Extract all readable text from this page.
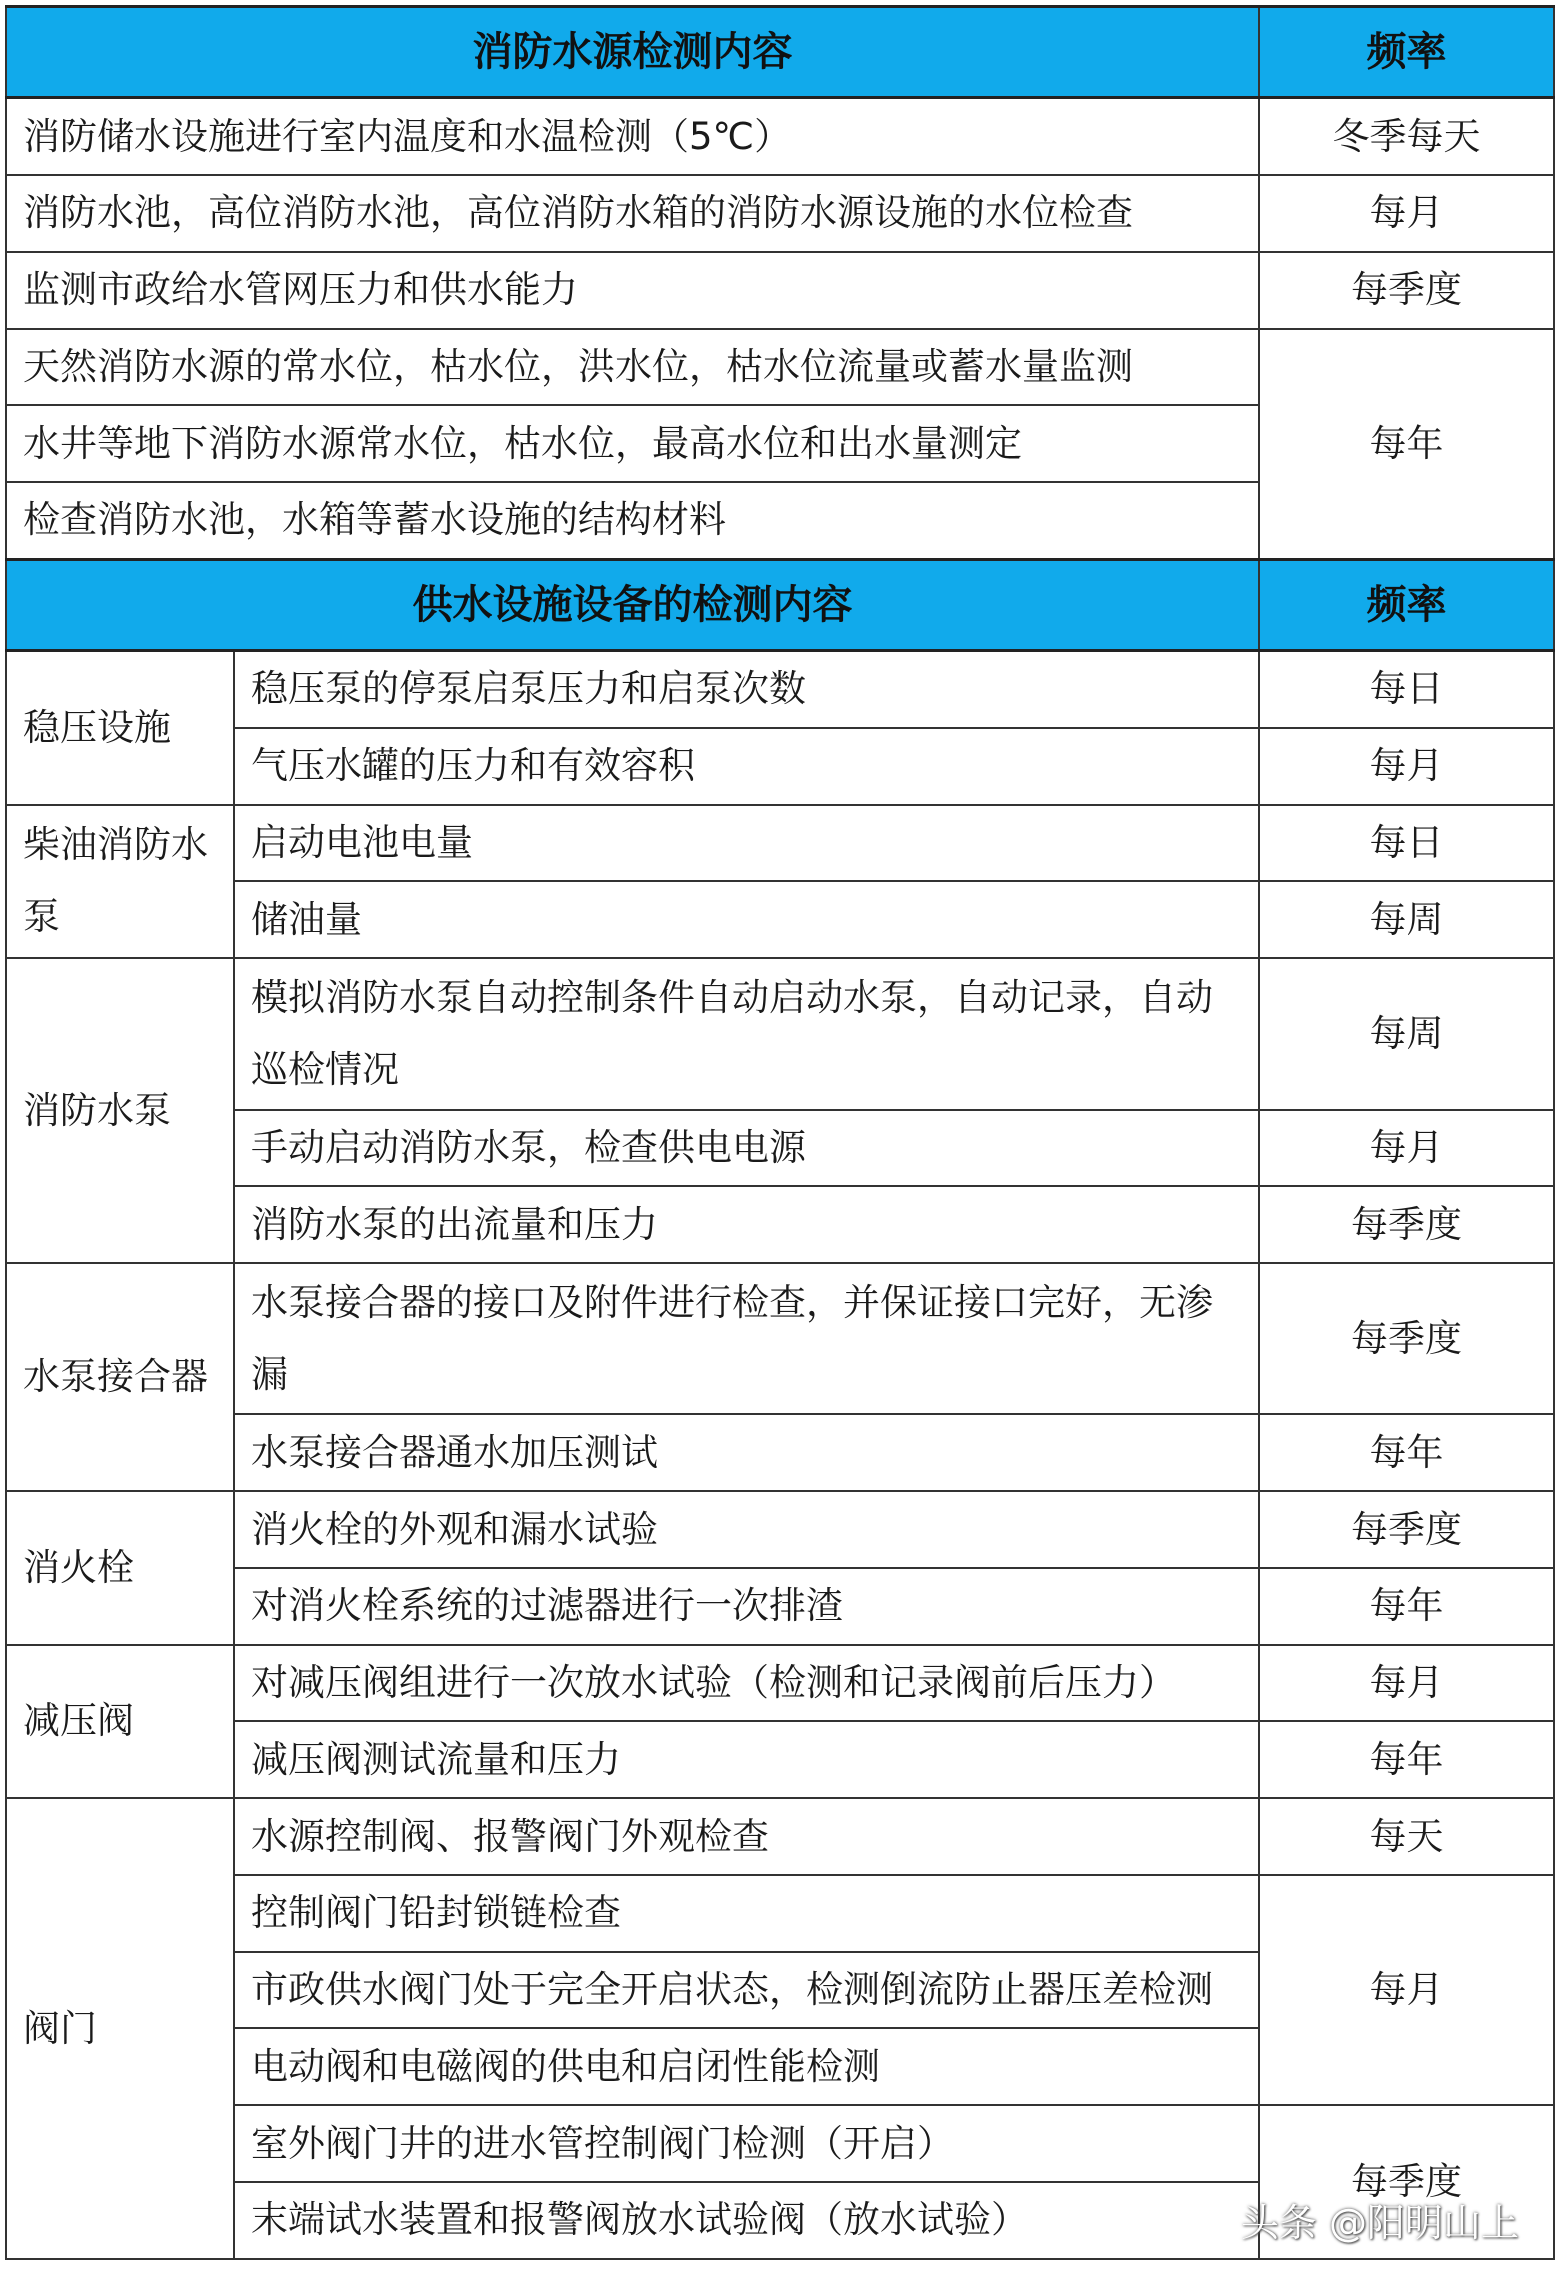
消防水源检测内容		频率
消防储水设施进行室内温度和水温检测（5℃）		冬季每天
消防水池，高位消防水池，高位消防水箱的消防水源设施的水位检查		每月
监测市政给水管网压力和供水能力		每季度
天然消防水源的常水位，枯水位，洪水位，枯水位流量或蓄水量监测		每年
水井等地下消防水源常水位，枯水位，最高水位和出水量测定		
检查消防水池，水箱等蓄水设施的结构材料		
供水设施设备的检测内容		频率
稳压设施	稳压泵的停泵启泵压力和启泵次数	每日
	气压水罐的压力和有效容积	每月
柴油消防水泵	启动电池电量	每日
	储油量	每周
消防水泵	模拟消防水泵自动控制条件自动启动水泵，自动记录，自动巡检情况	每周
	手动启动消防水泵，检查供电电源	每月
	消防水泵的出流量和压力	每季度
水泵接合器	水泵接合器的接口及附件进行检查，并保证接口完好，无渗漏	每季度
	水泵接合器通水加压测试	每年
消火栓	消火栓的外观和漏水试验	每季度
	对消火栓系统的过滤器进行一次排渣	每年
减压阀	对减压阀组进行一次放水试验（检测和记录阀前后压力）	每月
	减压阀测试流量和压力	每年
阀门	水源控制阀、报警阀门外观检查	每天
	控制阀门铅封锁链检查	每月
	市政供水阀门处于完全开启状态，检测倒流防止器压差检测	
	电动阀和电磁阀的供电和启闭性能检测	
	室外阀门井的进水管控制阀门检测（开启）	每季度
	末端试水装置和报警阀放水试验阀（放水试验）		头条 @阳明山上
